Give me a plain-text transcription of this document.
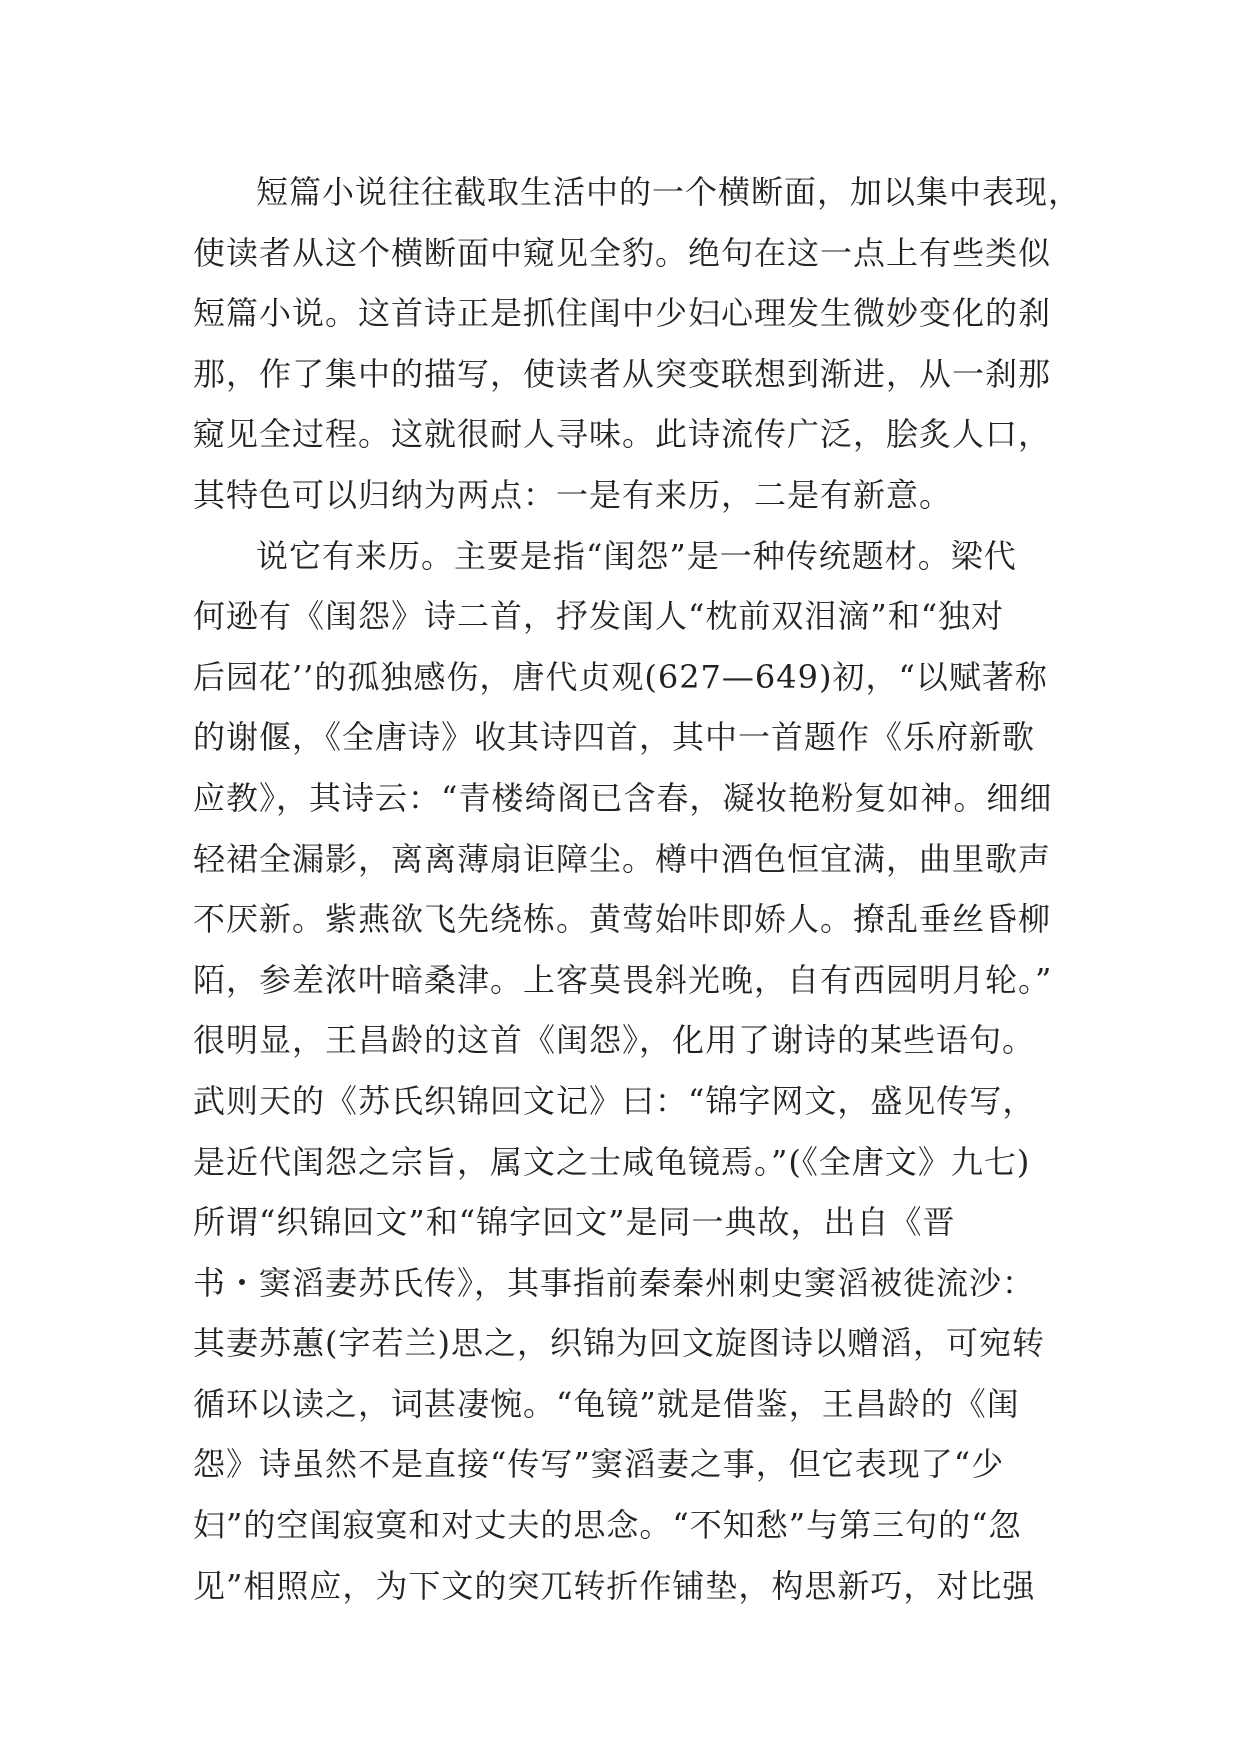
短篇小说往往截取生活中的一个横断面，加以集中表现，
使读者从这个横断面中窥见全豹。绝句在这一点上有些类似
短篇小说。这首诗正是抓住闺中少妇心理发生微妙变化的刹
那，作了集中的描写，使读者从突变联想到渐进，从一刹那
窥见全过程。这就很耐人寻味。此诗流传广泛，脍炙人口，
其特色可以归纳为两点：一是有来历，二是有新意。
说它有来历。主要是指“闺怨”是一种传统题材。梁代
何逊有《闺怨》诗二首，抒发闺人“枕前双泪滴”和“独对
后园花’’的孤独感伤，唐代贞观(627—649)初，“以赋著称
的谢偃，《全唐诗》收其诗四首，其中一首题作《乐府新歌
应教》，其诗云：“青楼绮阁已含春，凝妆艳粉复如神。细细
轻裙全漏影，离离薄扇讵障尘。樽中酒色恒宜满，曲里歌声
不厌新。紫燕欲飞先绕栋。黄莺始咔即娇人。撩乱垂丝昏柳
陌，参差浓叶暗桑津。上客莫畏斜光晚，自有西园明月轮。”
很明显，王昌龄的这首《闺怨》，化用了谢诗的某些语句。
武则天的《苏氏织锦回文记》曰：“锦字网文，盛见传写，
是近代闺怨之宗旨，属文之士咸龟镜焉。”(《全唐文》九七)
所谓“织锦回文”和“锦字回文”是同一典故，出自《晋
书・窦滔妻苏氏传》，其事指前秦秦州刺史窦滔被徙流沙：
其妻苏蕙(字若兰)思之，织锦为回文旋图诗以赠滔，可宛转
循环以读之，词甚凄惋。“龟镜”就是借鉴，王昌龄的《闺
怨》诗虽然不是直接“传写”窦滔妻之事，但它表现了“少
妇”的空闺寂寞和对丈夫的思念。“不知愁”与第三句的“忽
见”相照应，为下文的突兀转折作铺垫，构思新巧，对比强
